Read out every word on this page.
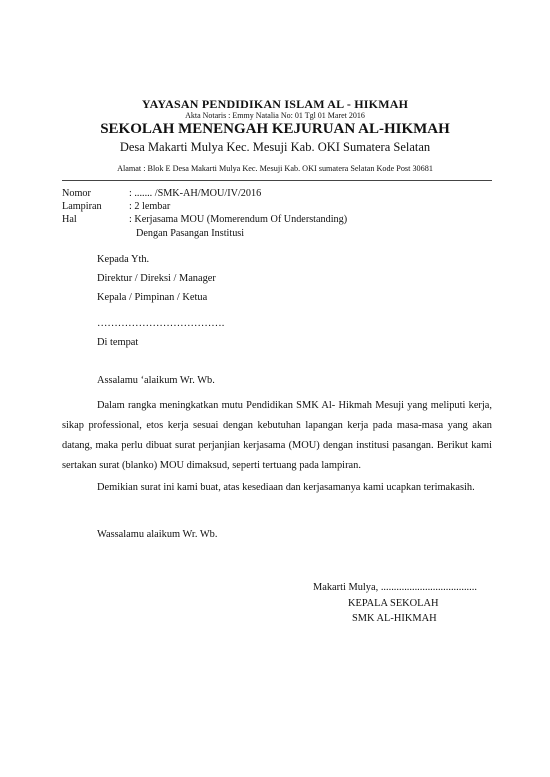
YAYASAN PENDIDIKAN ISLAM AL - HIKMAH
Akta Notaris : Emmy Natalia No: 01 Tgl 01 Maret 2016
SEKOLAH MENENGAH KEJURUAN AL-HIKMAH
Desa Makarti Mulya Kec. Mesuji Kab. OKI Sumatera Selatan
Alamat : Blok E Desa Makarti Mulya Kec. Mesuji Kab. OKI sumatera Selatan Kode Post 30681
Nomor	: ....... /SMK-AH/MOU/IV/2016
Lampiran	: 2 lembar
Hal	: Kerjasama MOU (Momerendum Of Understanding)
Dengan Pasangan Institusi
Kepada Yth.
Direktur / Direksi / Manager
Kepala / Pimpinan / Ketua
……………………………….
Di tempat
Assalamu ‘alaikum Wr. Wb.
Dalam rangka meningkatkan mutu Pendidikan SMK Al- Hikmah Mesuji yang meliputi kerja, sikap professional, etos kerja sesuai dengan kebutuhan lapangan kerja pada masa-masa yang akan datang, maka perlu dibuat surat perjanjian kerjasama (MOU) dengan institusi pasangan. Berikut kami sertakan surat (blanko) MOU dimaksud, seperti tertuang pada lampiran.
Demikian surat ini kami buat, atas kesediaan dan kerjasamanya kami ucapkan terimakasih.
Wassalamu alaikum Wr. Wb.
Makarti Mulya, .....................................
KEPALA SEKOLAH
SMK AL-HIKMAH
